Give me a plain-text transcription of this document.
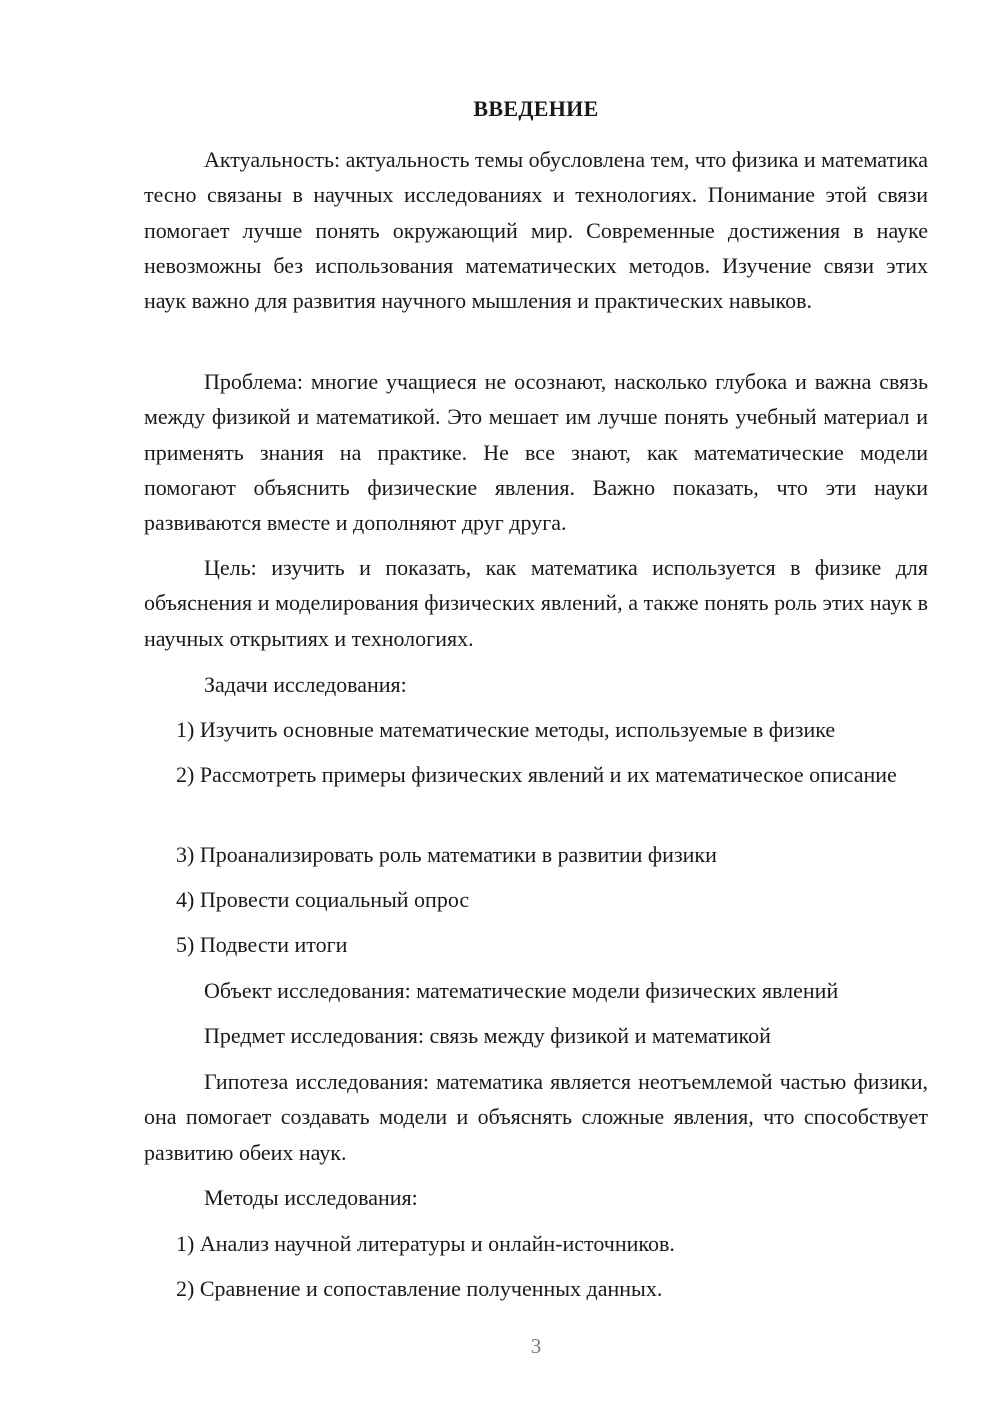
ВВЕДЕНИЕ

Актуальность: актуальность темы обусловлена тем, что физика и математика тесно связаны в научных исследованиях и технологиях. Понимание этой связи помогает лучше понять окружающий мир. Современные достижения в науке невозможны без использования математических методов. Изучение связи этих наук важно для развития научного мышления и практических навыков.

Проблема: многие учащиеся не осознают, насколько глубока и важна связь между физикой и математикой. Это мешает им лучше понять учебный материал и применять знания на практике. Не все знают, как математические модели помогают объяснить физические явления. Важно показать, что эти науки развиваются вместе и дополняют друг друга.

Цель: изучить и показать, как математика используется в физике для объяснения и моделирования физических явлений, а также понять роль этих наук в научных открытиях и технологиях.

Задачи исследования:

1) Изучить основные математические методы, используемые в физике

2) Рассмотреть примеры физических явлений и их математическое описание

3) Проанализировать роль математики в развитии физики

4) Провести социальный опрос

5) Подвести итоги

Объект исследования: математические модели физических явлений

Предмет исследования: связь между физикой и математикой

Гипотеза исследования: математика является неотъемлемой частью физики, она помогает создавать модели и объяснять сложные явления, что способствует развитию обеих наук.

Методы исследования:

1) Анализ научной литературы и онлайн-источников.

2) Сравнение и сопоставление полученных данных.

3
